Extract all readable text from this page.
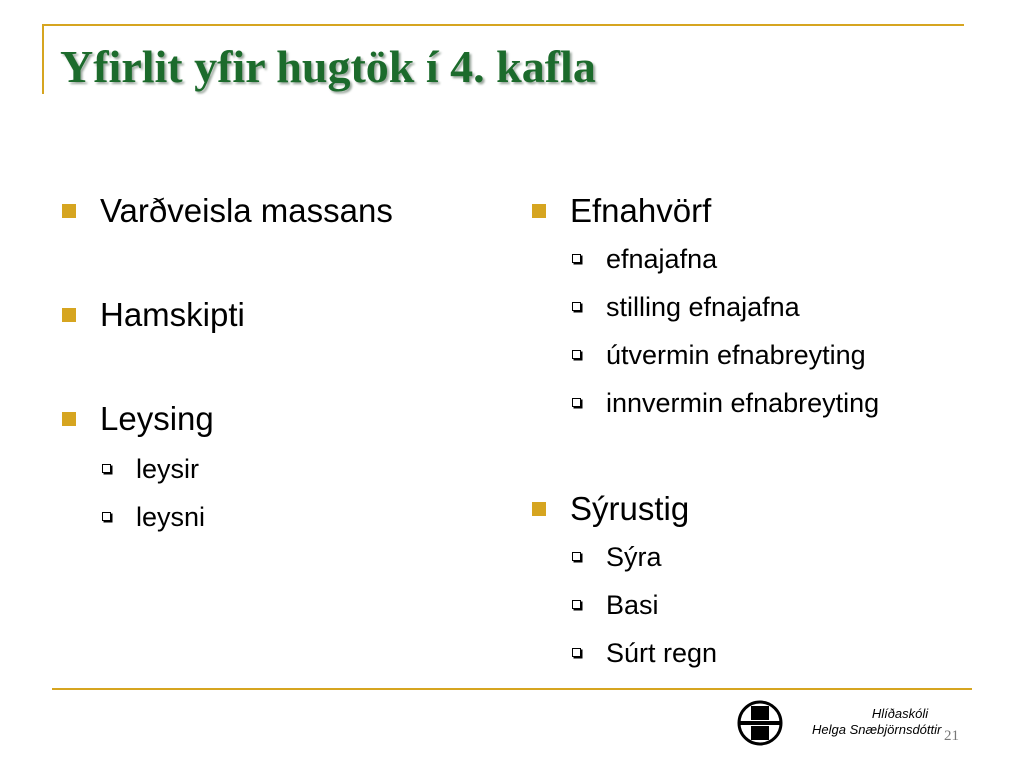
Yfirlit yfir hugtök í 4. kafla
Varðveisla massans
Hamskipti
Leysing
leysir
leysni
Efnahvörf
efnajafna
stilling efnajafna
útvermin efnabreyting
innvermin efnabreyting
Sýrustig
Sýra
Basi
Súrt regn
Hlíðaskóli
Helga Snæbjörnsdóttir 21
